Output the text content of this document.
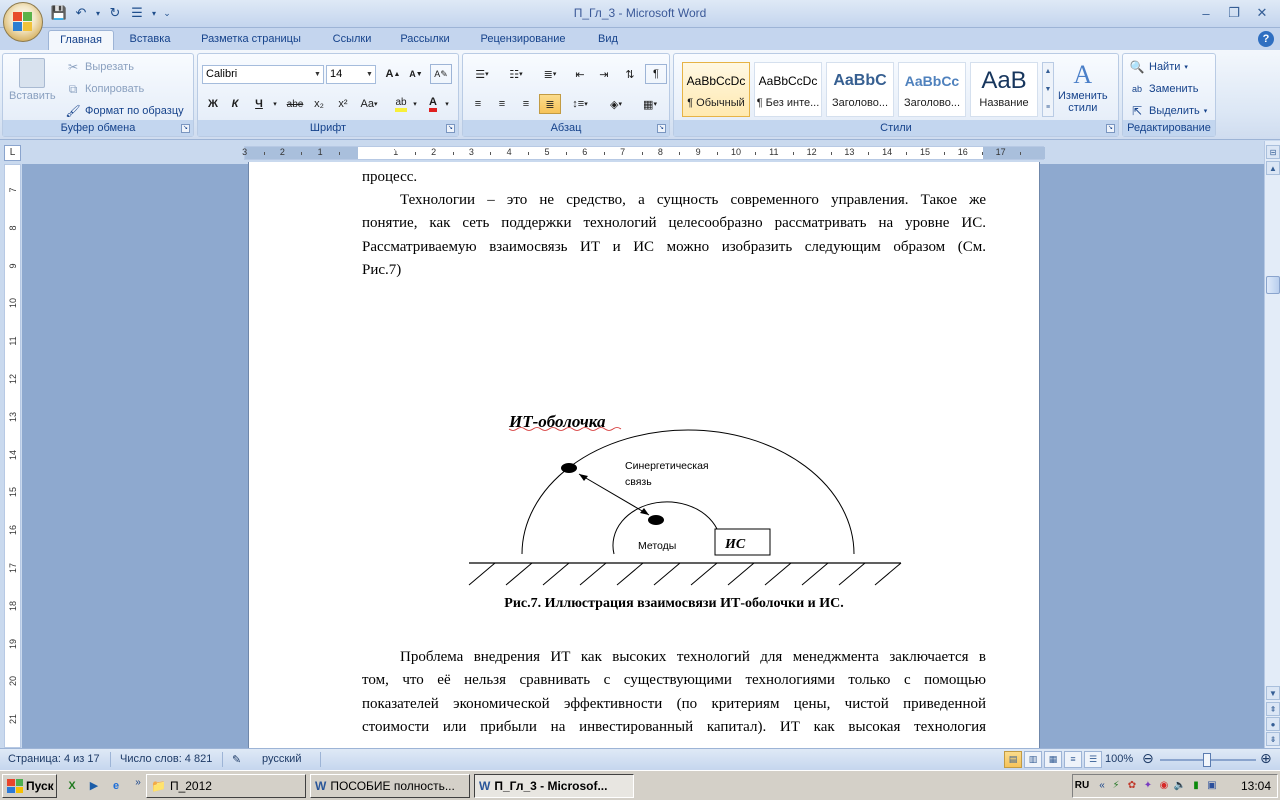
💾 ↶	▾ ↻ ☰	▾ ⌄	П_Гл_3 - Microsoft Word	–	❐	✕
Главная	Вставка	Разметка страницы	Ссылки	Рассылки	Рецензирование	Вид	?
Вставить
✂ Вырезать
⧉ Копировать
🖌 Формат по образцу
Буфер обмена	↘
Calibri	▼ 14	▼	A ▲ A ▼	A✎
Ж	К	Ч	▾ abe x₂	x²	Aa ▾ ab ▾ A	▾
Шрифт	↘
☰ ▾ ☷ ▾ ≣ ▾ ⇤ ⇥ ⇅ ¶
≡ ≡ ≡ ≣ ↕≡ ▾ ◈ ▾ ▦ ▾
Абзац	↘
AaBbCcDc
¶ Обычный
AaBbCcDc
¶ Без инте...
AaBbC
Заголово...
AaBbCc
Заголово...
AaB
Название
▲
▼
≡
A
Изменить
стили
Стили	↘
🔍 Найти ▾
ab Заменить
⇱ Выделить ▾
Редактирование
L	3	2	1	1	2	3	4	5	6	7	8	9	10	11	12	13	14	15	16	17
7
8
9
10
11
12
13
14
15
16
17
18
19
20
21
процесс.
Технологии – это не средство, а сущность современного управления. Такое же
понятие, как сеть поддержки технологий целесообразно рассматривать на уровне ИС.
Рассматриваемую взаимосвязь ИТ и ИС можно изобразить следующим образом (См.
Рис.7)
ИТ-оболочка
Синергетическая
связь
Методы	ИС
Рис.7. Иллюстрация взаимосвязи ИТ-оболочки и ИС.
Проблема внедрения ИТ как высоких технологий для менеджмента заключается в
том, что её нельзя сравнивать с существующими технологиями только с помощью
показателей экономической эффективности (по критериям цены, чистой приведенной
стоимости или прибыли на инвестированный капитал). ИТ как высокая технология
⊟
▲
▼
⇞
●
⇟
Страница: 4 из 17 Число слов: 4 821 ✎ русский	▤	▥	▦	≡	☰ 100% ⊖	⊕
Пуск	X	▶	e	» 📁 П_2012	W ПОСОБИЕ полность... W П_Гл_3 - Microsof...	RU	« ⚡ ✿ ✦ ◉ 🔈 ▮ ▣ 13:04
